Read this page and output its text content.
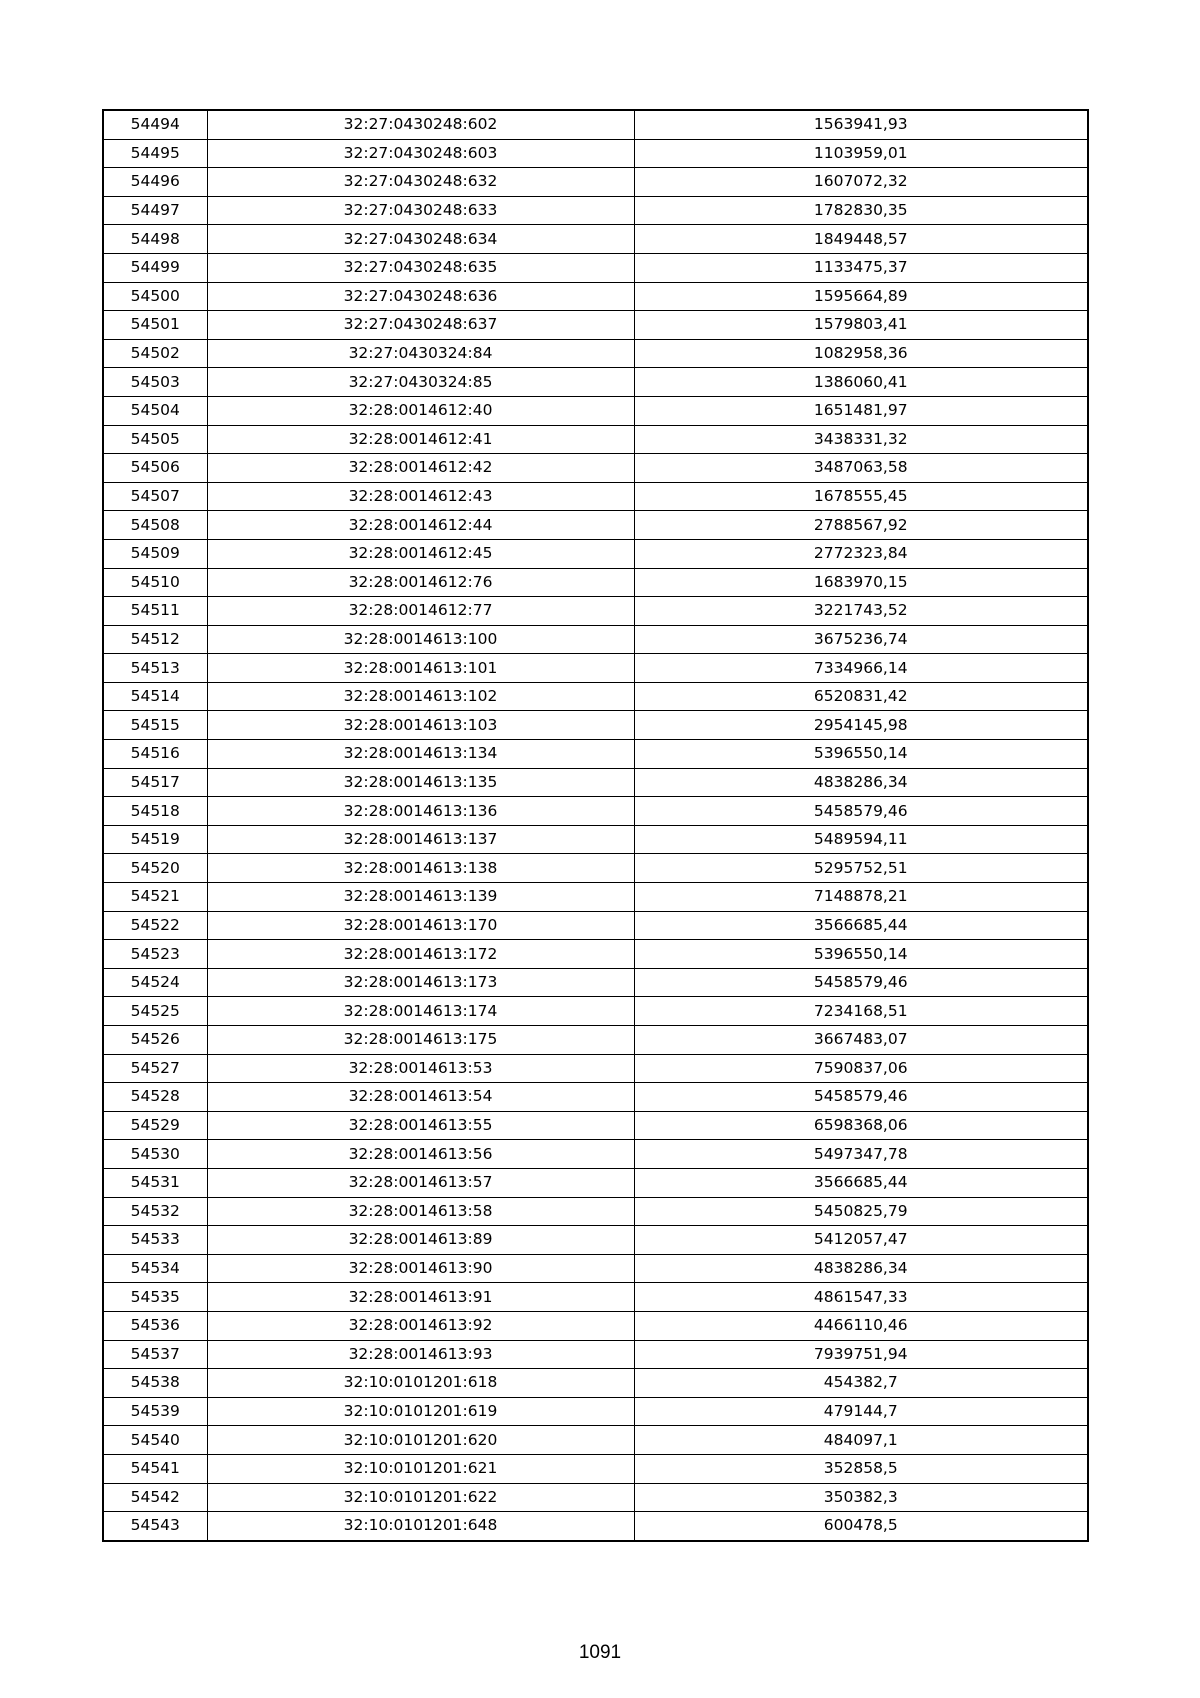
54494	32:27:0430248:602	1563941,93
54495	32:27:0430248:603	1103959,01
54496	32:27:0430248:632	1607072,32
54497	32:27:0430248:633	1782830,35
54498	32:27:0430248:634	1849448,57
54499	32:27:0430248:635	1133475,37
54500	32:27:0430248:636	1595664,89
54501	32:27:0430248:637	1579803,41
54502	32:27:0430324:84	1082958,36
54503	32:27:0430324:85	1386060,41
54504	32:28:0014612:40	1651481,97
54505	32:28:0014612:41	3438331,32
54506	32:28:0014612:42	3487063,58
54507	32:28:0014612:43	1678555,45
54508	32:28:0014612:44	2788567,92
54509	32:28:0014612:45	2772323,84
54510	32:28:0014612:76	1683970,15
54511	32:28:0014612:77	3221743,52
54512	32:28:0014613:100	3675236,74
54513	32:28:0014613:101	7334966,14
54514	32:28:0014613:102	6520831,42
54515	32:28:0014613:103	2954145,98
54516	32:28:0014613:134	5396550,14
54517	32:28:0014613:135	4838286,34
54518	32:28:0014613:136	5458579,46
54519	32:28:0014613:137	5489594,11
54520	32:28:0014613:138	5295752,51
54521	32:28:0014613:139	7148878,21
54522	32:28:0014613:170	3566685,44
54523	32:28:0014613:172	5396550,14
54524	32:28:0014613:173	5458579,46
54525	32:28:0014613:174	7234168,51
54526	32:28:0014613:175	3667483,07
54527	32:28:0014613:53	7590837,06
54528	32:28:0014613:54	5458579,46
54529	32:28:0014613:55	6598368,06
54530	32:28:0014613:56	5497347,78
54531	32:28:0014613:57	3566685,44
54532	32:28:0014613:58	5450825,79
54533	32:28:0014613:89	5412057,47
54534	32:28:0014613:90	4838286,34
54535	32:28:0014613:91	4861547,33
54536	32:28:0014613:92	4466110,46
54537	32:28:0014613:93	7939751,94
54538	32:10:0101201:618	454382,7
54539	32:10:0101201:619	479144,7
54540	32:10:0101201:620	484097,1
54541	32:10:0101201:621	352858,5
54542	32:10:0101201:622	350382,3
54543	32:10:0101201:648	600478,5
1091
